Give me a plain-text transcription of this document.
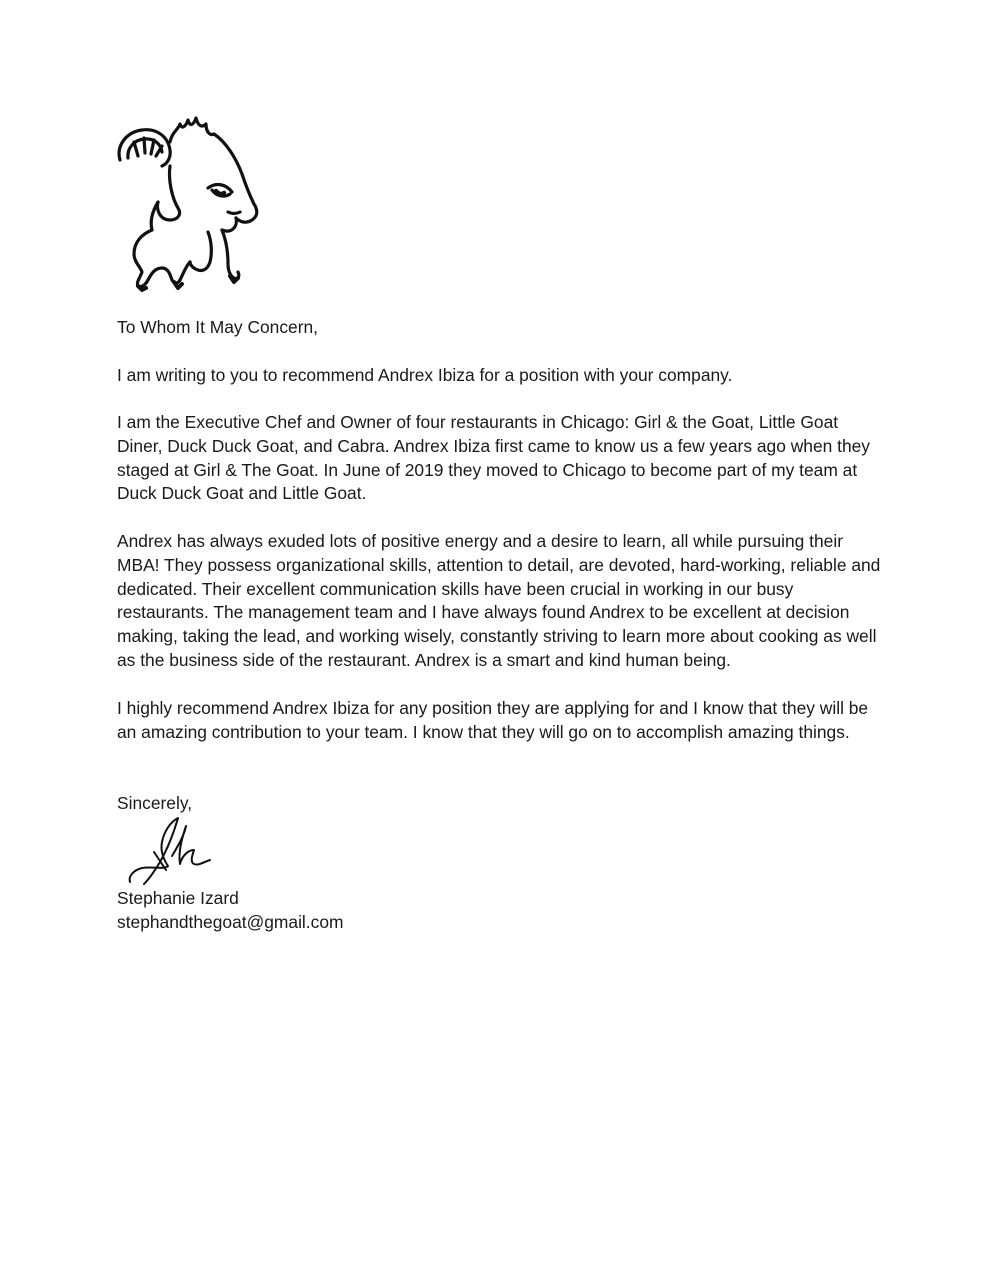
To Whom It May Concern,

I am writing to you to recommend Andrex Ibiza for a position with your company.

I am the Executive Chef and Owner of four restaurants in Chicago: Girl & the Goat, Little Goat Diner, Duck Duck Goat, and Cabra. Andrex Ibiza first came to know us a few years ago when they staged at Girl & The Goat. In June of 2019 they moved to Chicago to become part of my team at Duck Duck Goat and Little Goat.

Andrex has always exuded lots of positive energy and a desire to learn, all while pursuing their MBA! They possess organizational skills, attention to detail, are devoted, hard-working, reliable and dedicated. Their excellent communication skills have been crucial in working in our busy restaurants. The management team and I have always found Andrex to be excellent at decision making, taking the lead, and working wisely, constantly striving to learn more about cooking as well as the business side of the restaurant. Andrex is a smart and kind human being.

I highly recommend Andrex Ibiza for any position they are applying for and I know that they will be an amazing contribution to your team. I know that they will go on to accomplish amazing things.

Sincerely,

Stephanie Izard

stephandthegoat@gmail.com
